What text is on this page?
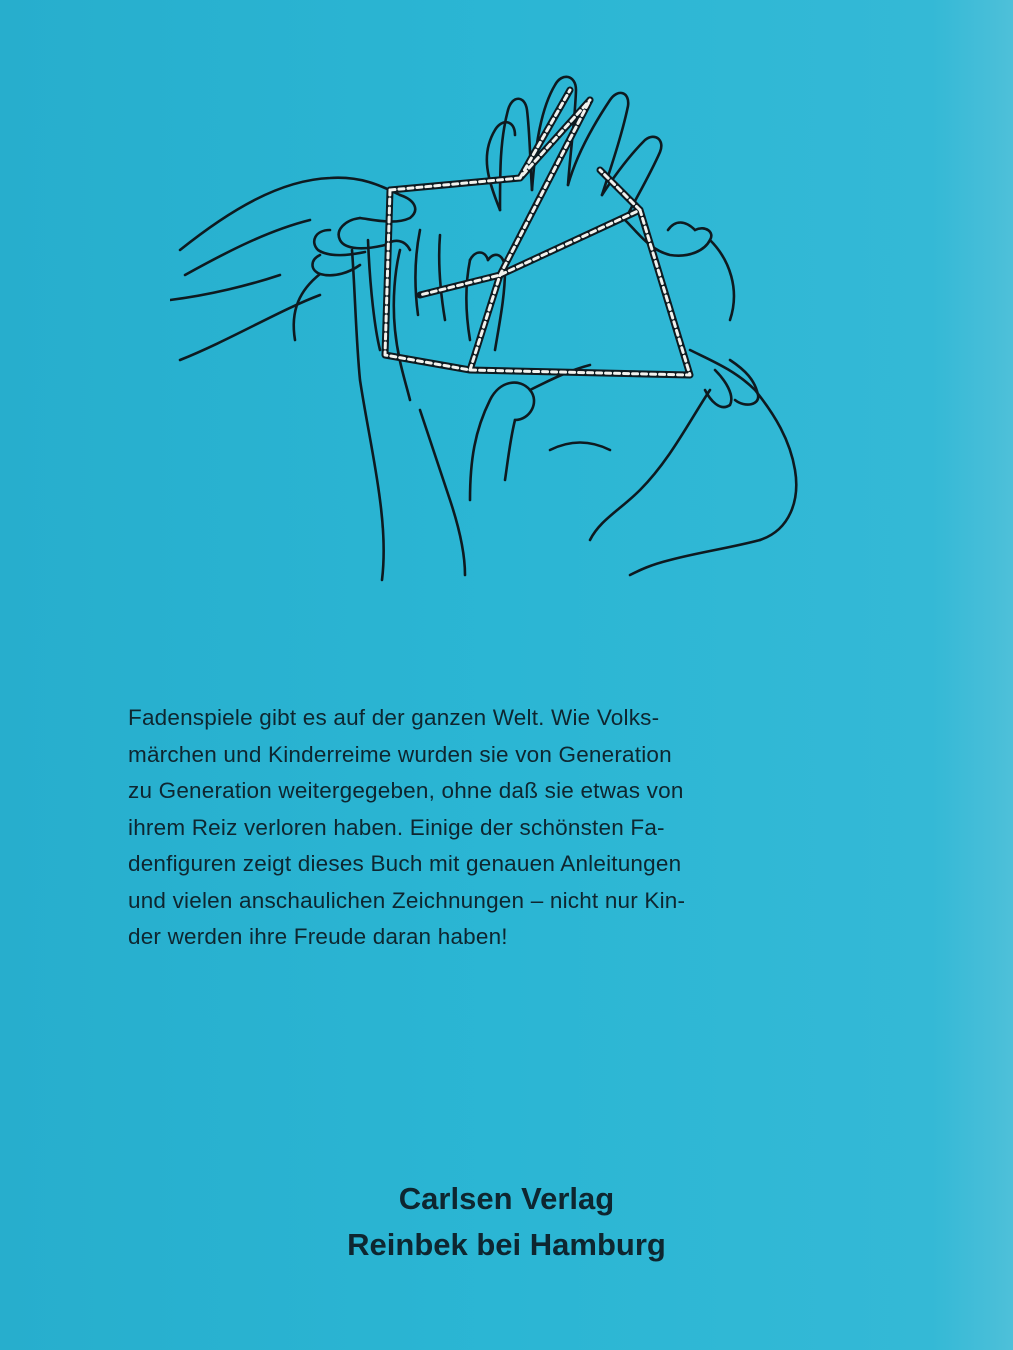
Fadenspiele gibt es auf der ganzen Welt. Wie Volks-
märchen und Kinderreime wurden sie von Generation
zu Generation weitergegeben, ohne daß sie etwas von
ihrem Reiz verloren haben. Einige der schönsten Fa-
denfiguren zeigt dieses Buch mit genauen Anleitungen
und vielen anschaulichen Zeichnungen – nicht nur Kin-
der werden ihre Freude daran haben!

Carlsen Verlag
Reinbek bei Hamburg
